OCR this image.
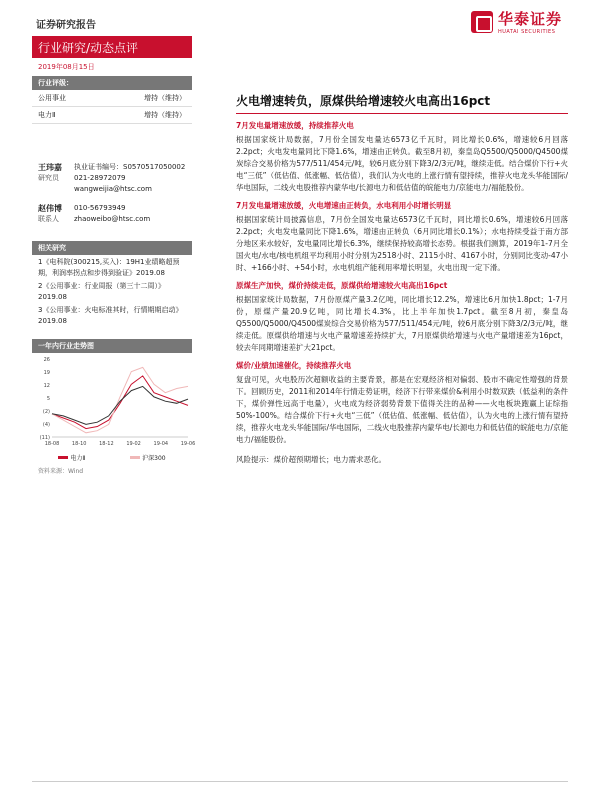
证券研究报告	华泰证券
HUATAI SECURITIES
行业研究/动态点评
2019年08月15日
行业评级：
公用事业	增持（维持）
电力Ⅱ	增持（维持）
王玮嘉	执业证书编号： S0570517050002
研究员	021-28972079
wangweijia@htsc.com
赵伟博	010-56793949
联系人	zhaoweibo@htsc.com
相关研究

1《电科院(300215,买入)：19H1业绩略超预期，利润率拐点和步得到验证》2019.08

2《公用事业：行业周报（第三十二周）》2019.08

3《公用事业：火电标准其时，行情期期启动》2019.08

一年内行业走势图
26
19
12
5
(2)
(4)
(11)
18-08	18-10	18-12	19-02	19-04	19-06
电力Ⅱ	沪深300
资料来源：Wind
火电增速转负，原煤供给增速较火电高出16pct
7月发电量增速放缓，持续推荐火电
根据国家统计局数据，7月份全国发电量达6573亿千瓦时，同比增长0.6%，增速较6月回落2.2pct；火电发电量同比下降1.6%，增速由正转负。截至8月初，秦皇岛Q5500/Q5000/Q4500煤炭综合交易价格为577/511/454元/吨，较6月底分别下降3/2/3元/吨，继续走低。结合煤价下行+火电“三低”（低估值、低涨幅、低估值），我们认为火电的上涨行情有望持续，推荐火电龙头华能国际/华电国际，二线火电股推荐内蒙华电/长源电力和低估值的皖能电力/京能电力/福能股份。
7月发电量增速放缓，火电增速由正转负，水电利用小时增长明显
根据国家统计局披露信息，7月份全国发电量达6573亿千瓦时，同比增长0.6%，增速较6月回落2.2pct；火电发电量同比下降1.6%，增速由正转负（6月同比增长0.1%）；水电持续受益于南方部分地区来水较好，发电量同比增长6.3%，继续保持较高增长态势。根据我们测算，2019年1-7月全国火电/水电/核电机组平均利用小时分别为2518小时、2115小时、4167小时，分别同比变动-47小时、+166小时、+54小时，水电机组产能利用率增长明显，火电出现一定下滑。
原煤生产加快，煤价持续走低，原煤供给增速较火电高出16pct
根据国家统计局数据，7月份原煤产量3.2亿吨，同比增长12.2%，增速比6月加快1.8pct；1-7月份，原煤产量20.9亿吨，同比增长4.3%，比上半年加快1.7pct。截至8月初，秦皇岛Q5500/Q5000/Q4500煤炭综合交易价格为577/511/454元/吨，较6月底分别下降3/2/3元/吨，继续走低。原煤供给增速与火电产量增速差持续扩大，7月原煤供给增速与火电产量增速差为16pct，较去年同期增速差扩大21pct。
煤价/业绩加速催化，持续推荐火电
复盘可见，火电股历次超额收益的主要背景，都是在宏观经济相对偏弱、股市不确定性增强的背景下。回顾历史，2011和2014年行情走势证明，经济下行带来煤价&利用小时数双跌（低益利的条件下，煤价弹性远高于电量），火电成为经济弱势背景下值得关注的品种——火电板块跑赢上证综指50%-100%。结合煤价下行+火电“三低”（低估值、低涨幅、低估值），认为火电的上涨行情有望持续，推荐火电龙头华能国际/华电国际，二线火电股推荐内蒙华电/长源电力和低估值的皖能电力/京能电力/福能股份。
风险提示：煤价超预期增长；电力需求恶化。
